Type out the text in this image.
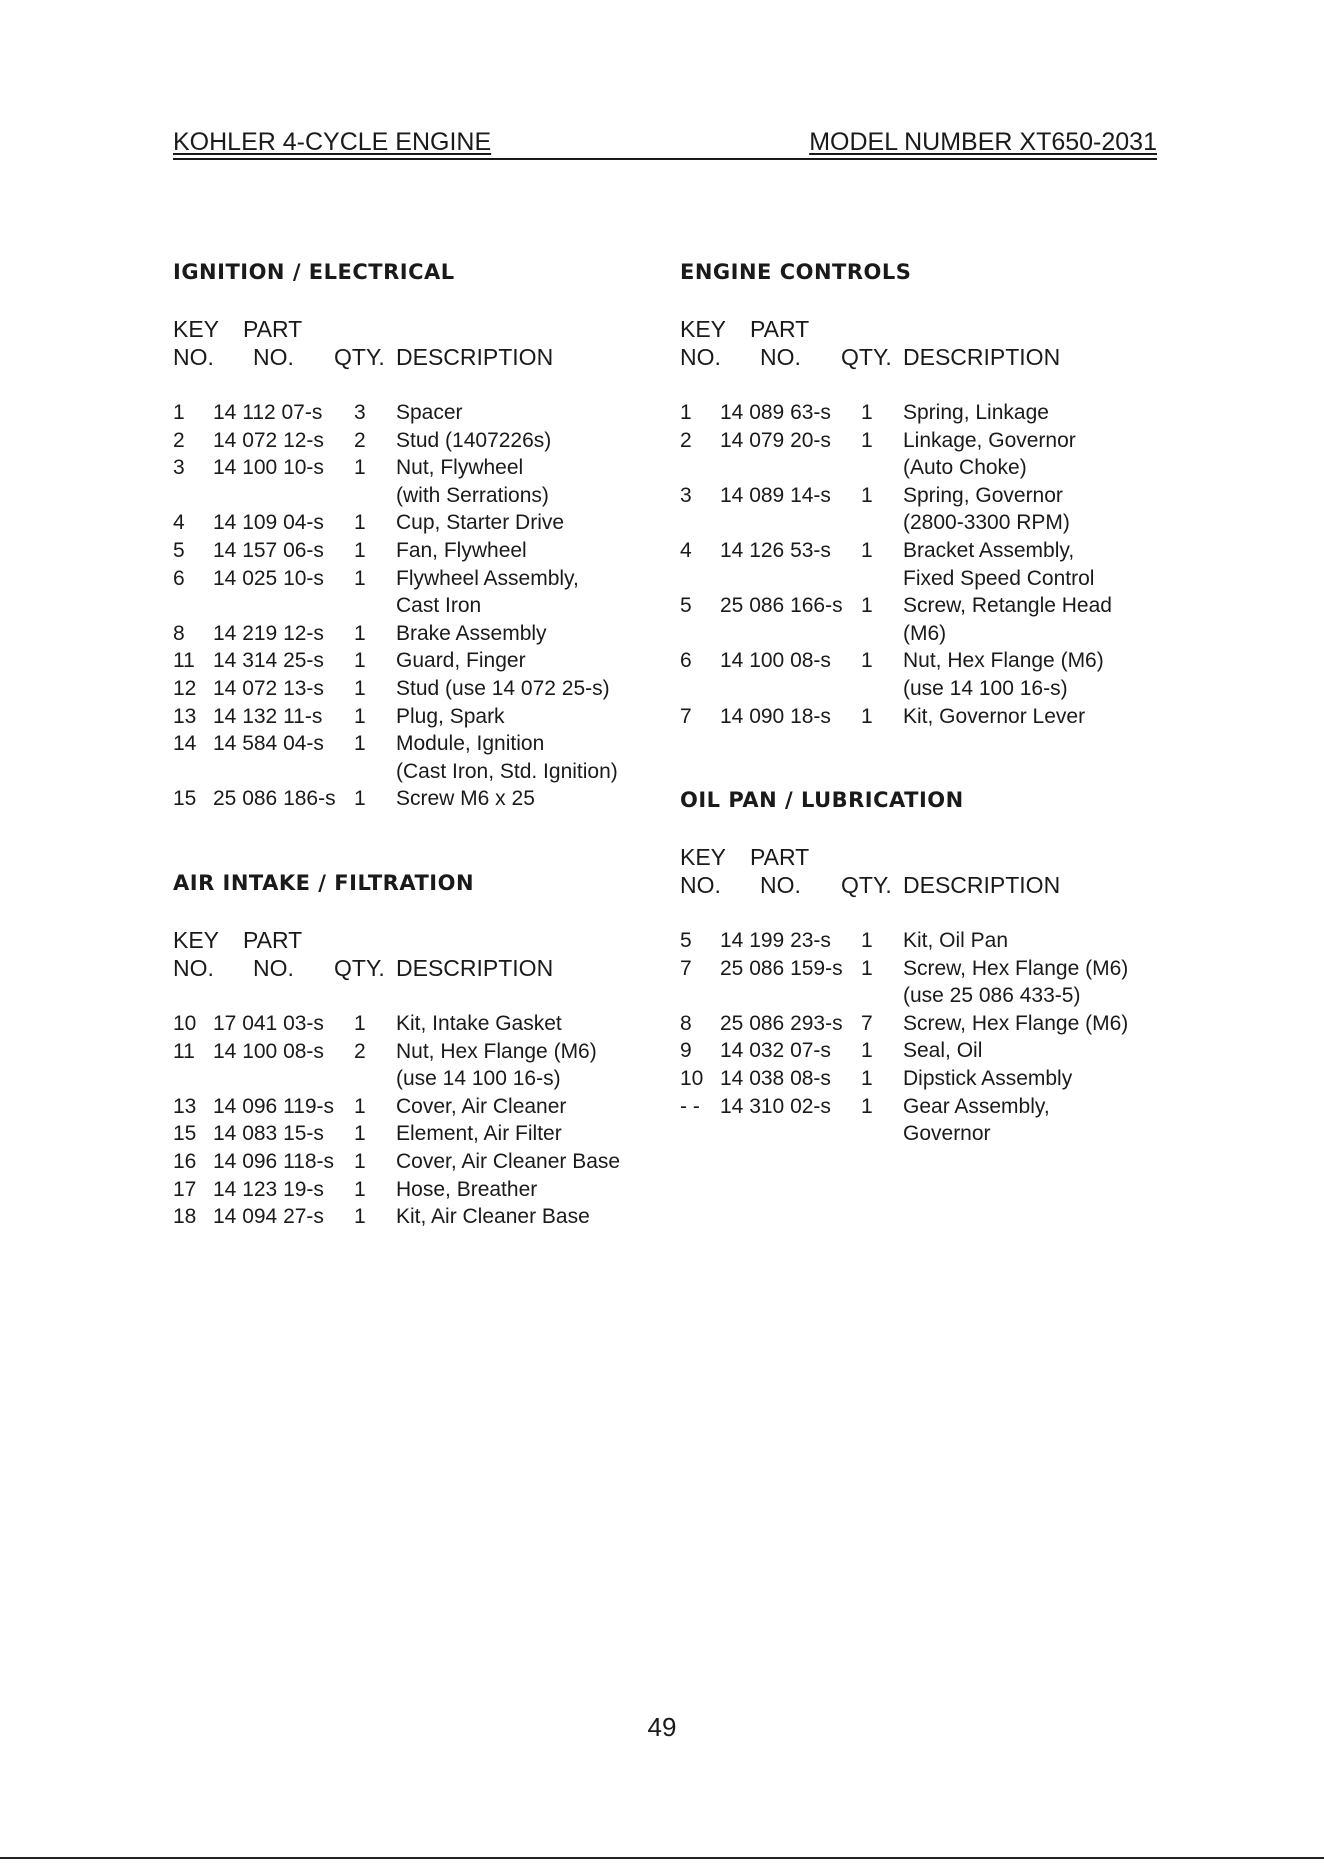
KOHLER 4-CYCLE ENGINE	MODEL NUMBER XT650-2031
IGNITION / ELECTRICAL
KEY PART
NO. NO. QTY. DESCRIPTION
1 14 112 07-s 3 Spacer
2 14 072 12-s 2 Stud (1407226s)
3 14 100 10-s 1 Nut, Flywheel
(with Serrations)
4 14 109 04-s 1 Cup, Starter Drive
5 14 157 06-s 1 Fan, Flywheel
6 14 025 10-s 1 Flywheel Assembly,
Cast Iron
8 14 219 12-s 1 Brake Assembly
11 14 314 25-s 1 Guard, Finger
12 14 072 13-s 1 Stud (use 14 072 25-s)
13 14 132 11-s 1 Plug, Spark
14 14 584 04-s 1 Module, Ignition
(Cast Iron, Std. Ignition)
15 25 086 186-s 1 Screw M6 x 25
AIR INTAKE / FILTRATION
KEY PART
NO. NO. QTY. DESCRIPTION
10 17 041 03-s 1 Kit, Intake Gasket
11 14 100 08-s 2 Nut, Hex Flange (M6)
(use 14 100 16-s)
13 14 096 119-s 1 Cover, Air Cleaner
15 14 083 15-s 1 Element, Air Filter
16 14 096 118-s 1 Cover, Air Cleaner Base
17 14 123 19-s 1 Hose, Breather
18 14 094 27-s 1 Kit, Air Cleaner Base
ENGINE CONTROLS
KEY PART
NO. NO. QTY. DESCRIPTION
1 14 089 63-s 1 Spring, Linkage
2 14 079 20-s 1 Linkage, Governor
(Auto Choke)
3 14 089 14-s 1 Spring, Governor
(2800-3300 RPM)
4 14 126 53-s 1 Bracket Assembly,
Fixed Speed Control
5 25 086 166-s 1 Screw, Retangle Head
(M6)
6 14 100 08-s 1 Nut, Hex Flange (M6)
(use 14 100 16-s)
7 14 090 18-s 1 Kit, Governor Lever
OIL PAN / LUBRICATION
KEY PART
NO. NO. QTY. DESCRIPTION
5 14 199 23-s 1 Kit, Oil Pan
7 25 086 159-s 1 Screw, Hex Flange (M6)
(use 25 086 433-5)
8 25 086 293-s 7 Screw, Hex Flange (M6)
9 14 032 07-s 1 Seal, Oil
10 14 038 08-s 1 Dipstick Assembly
- - 14 310 02-s 1 Gear Assembly,
Governor
49
